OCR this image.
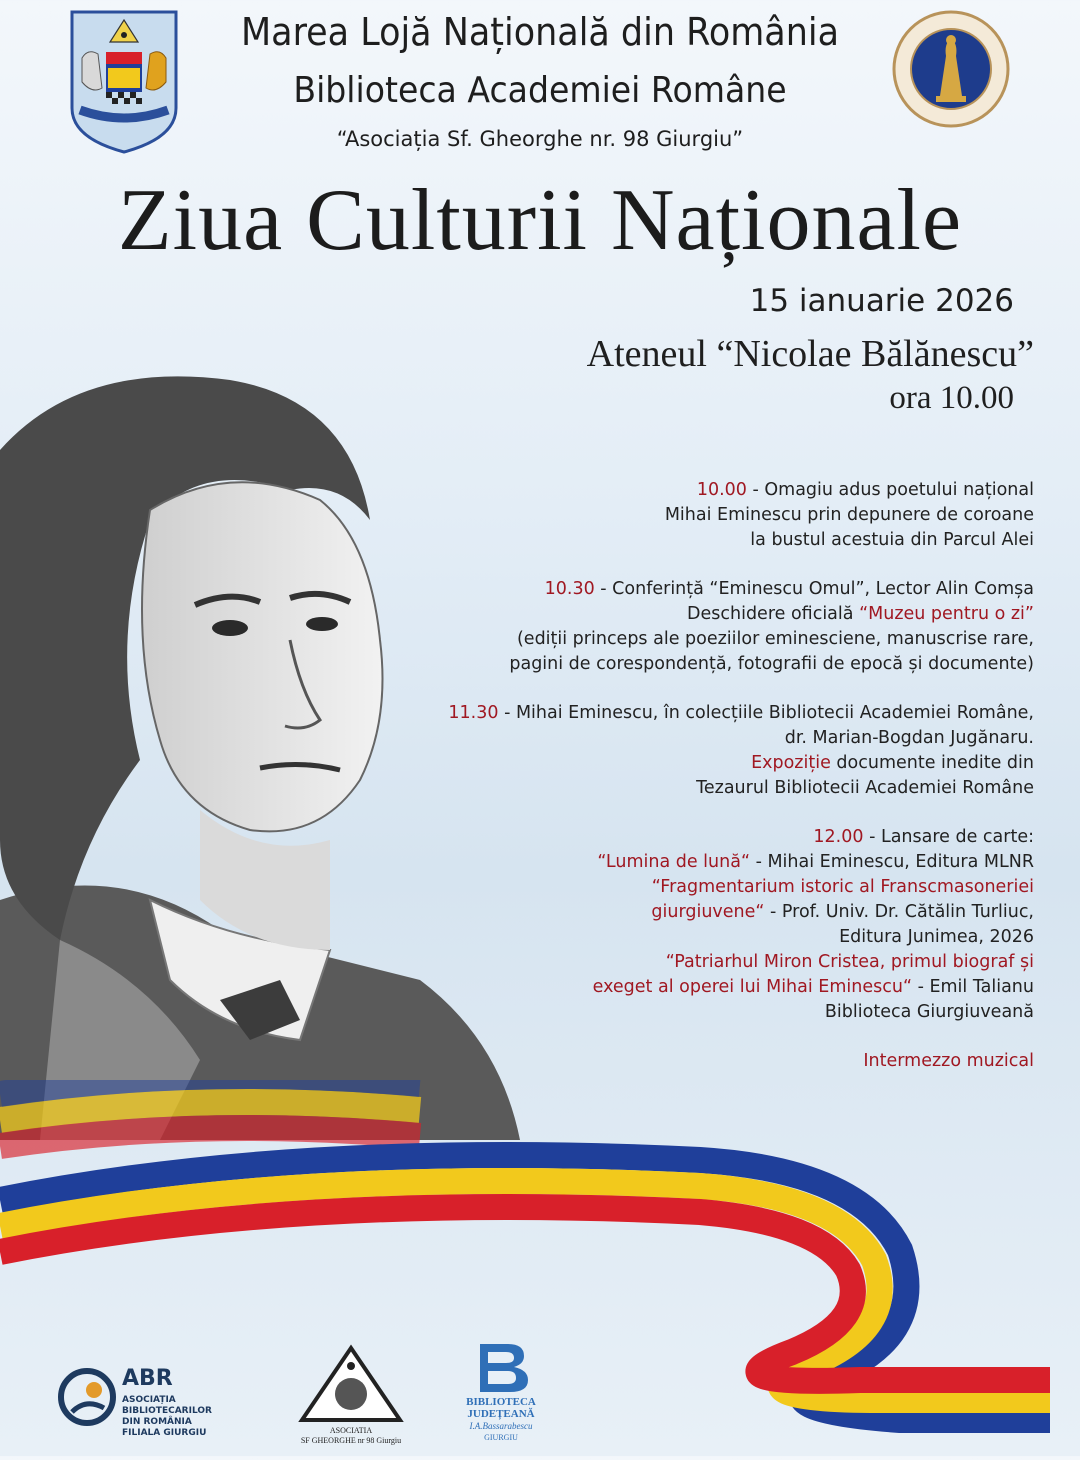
Marea Lojă Națională din România
Biblioteca Academiei Române
“Asociația Sf. Gheorghe nr. 98 Giurgiu”
Ziua Culturii Naționale
15 ianuarie 2026
Ateneul “Nicolae Bălănescu”
ora 10.00
10.00 - Omagiu adus poetului național
Mihai Eminescu prin depunere de coroane
la bustul acestuia din Parcul Alei
10.30 - Conferință “Eminescu Omul”, Lector Alin Comșa
Deschidere oficială “Muzeu pentru o zi”
(ediții princeps ale poeziilor eminesciene, manuscrise rare,
pagini de corespondență, fotografii de epocă și documente)
11.30 - Mihai Eminescu, în colecțiile Bibliotecii Academiei Române,
dr. Marian-Bogdan Jugănaru.
Expoziție documente inedite din
Tezaurul Bibliotecii Academiei Române
12.00 - Lansare de carte:
“Lumina de lună“ - Mihai Eminescu, Editura MLNR
“Fragmentarium istoric al Franscmasoneriei
giurgiuvene“ - Prof. Univ. Dr. Cătălin Turliuc,
Editura Junimea, 2026
“Patriarhul Miron Cristea, primul biograf și
exeget al operei lui Mihai Eminescu“ - Emil Talianu
Biblioteca Giurgiuveană
Intermezzo muzical
ABR
ASOCIAȚIA BIBLIOTECARILOR
DIN ROMÂNIA
FILIALA GIURGIU	ASOCIATIA
SF GHEORGHE nr 98 Giurgiu
BIBLIOTECA
JUDEȚEANĂ
I.A.Bassarabescu
GIURGIU
